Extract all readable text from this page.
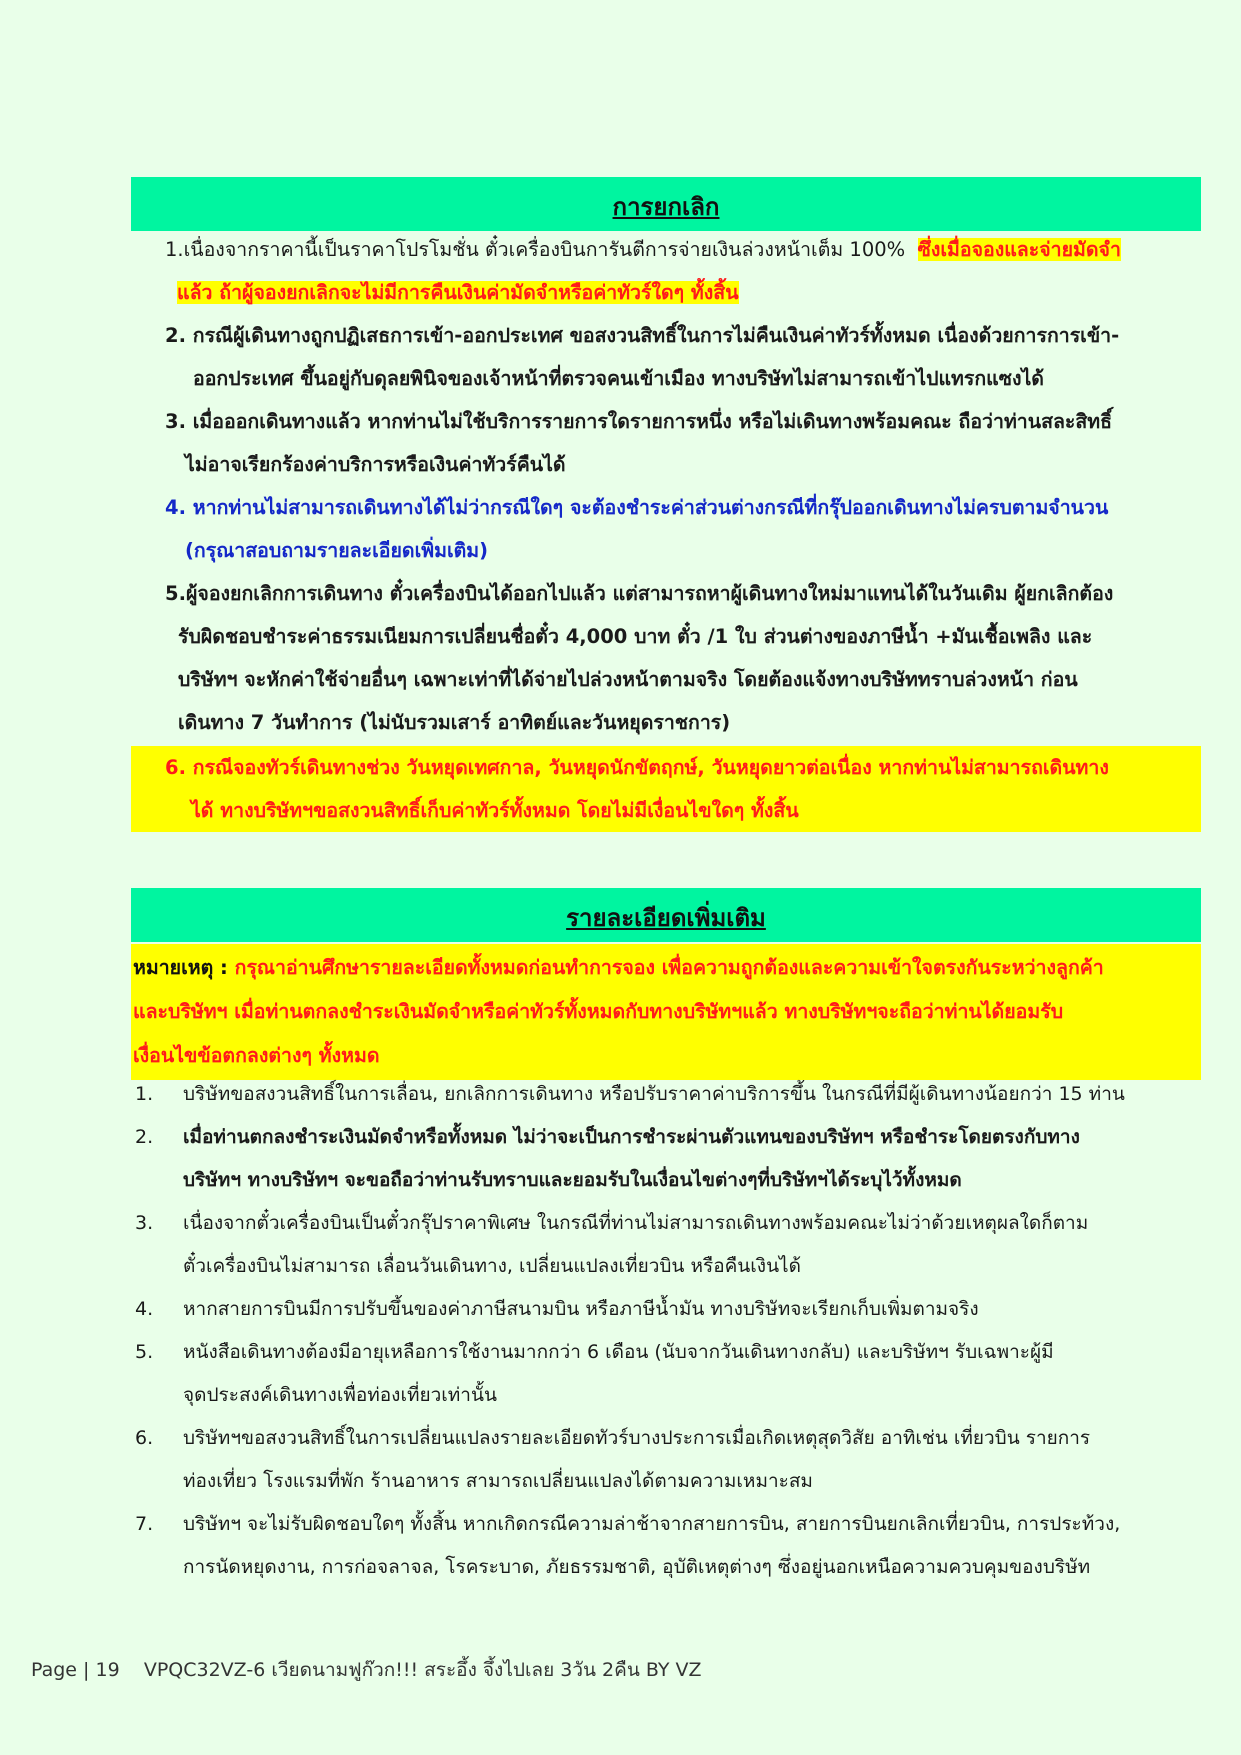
การยกเลิก
1.เนื่องจากราคานี้เป็นราคาโปรโมชั่น ตั๋วเครื่องบินการันตีการจ่ายเงินล่วงหน้าเต็ม 100% ซึ่งเมื่อจองและจ่ายมัดจำ
แล้ว ถ้าผู้จองยกเลิกจะไม่มีการคืนเงินค่ามัดจำหรือค่าทัวร์ใดๆ ทั้งสิ้น
2. กรณีผู้เดินทางถูกปฏิเสธการเข้า-ออกประเทศ ขอสงวนสิทธิ์ในการไม่คืนเงินค่าทัวร์ทั้งหมด เนื่องด้วยการการเข้า-
ออกประเทศ ขึ้นอยู่กับดุลยพินิจของเจ้าหน้าที่ตรวจคนเข้าเมือง ทางบริษัทไม่สามารถเข้าไปแทรกแซงได้
3. เมื่อออกเดินทางแล้ว หากท่านไม่ใช้บริการรายการใดรายการหนึ่ง หรือไม่เดินทางพร้อมคณะ ถือว่าท่านสละสิทธิ์
ไม่อาจเรียกร้องค่าบริการหรือเงินค่าทัวร์คืนได้
4. หากท่านไม่สามารถเดินทางได้ไม่ว่ากรณีใดๆ จะต้องชำระค่าส่วนต่างกรณีที่กรุ๊ปออกเดินทางไม่ครบตามจำนวน
(กรุณาสอบถามรายละเอียดเพิ่มเติม)
5.ผู้จองยกเลิกการเดินทาง ตั๋วเครื่องบินได้ออกไปแล้ว แต่สามารถหาผู้เดินทางใหม่มาแทนได้ในวันเดิม ผู้ยกเลิกต้อง
รับผิดชอบชำระค่าธรรมเนียมการเปลี่ยนชื่อตั๋ว 4,000 บาท ตั๋ว /1 ใบ ส่วนต่างของภาษีน้ำ +มันเชื้อเพลิง และ
บริษัทฯ จะหักค่าใช้จ่ายอื่นๆ เฉพาะเท่าที่ได้จ่ายไปล่วงหน้าตามจริง โดยต้องแจ้งทางบริษัททราบล่วงหน้า ก่อน
เดินทาง 7 วันทำการ (ไม่นับรวมเสาร์ อาทิตย์และวันหยุดราชการ)
6. กรณีจองทัวร์เดินทางช่วง วันหยุดเทศกาล, วันหยุดนักขัตฤกษ์, วันหยุดยาวต่อเนื่อง หากท่านไม่สามารถเดินทาง
ได้ ทางบริษัทฯขอสงวนสิทธิ์เก็บค่าทัวร์ทั้งหมด โดยไม่มีเงื่อนไขใดๆ ทั้งสิ้น
รายละเอียดเพิ่มเติม
หมายเหตุ : กรุณาอ่านศึกษารายละเอียดทั้งหมดก่อนทำการจอง เพื่อความถูกต้องและความเข้าใจตรงกันระหว่างลูกค้า
และบริษัทฯ เมื่อท่านตกลงชำระเงินมัดจำหรือค่าทัวร์ทั้งหมดกับทางบริษัทฯแล้ว ทางบริษัทฯจะถือว่าท่านได้ยอมรับ
เงื่อนไขข้อตกลงต่างๆ ทั้งหมด
1.	บริษัทขอสงวนสิทธิ์ในการเลื่อน, ยกเลิกการเดินทาง หรือปรับราคาค่าบริการขึ้น ในกรณีที่มีผู้เดินทางน้อยกว่า 15 ท่าน
2.	เมื่อท่านตกลงชำระเงินมัดจำหรือทั้งหมด ไม่ว่าจะเป็นการชำระผ่านตัวแทนของบริษัทฯ หรือชำระโดยตรงกับทาง
บริษัทฯ ทางบริษัทฯ จะขอถือว่าท่านรับทราบและยอมรับในเงื่อนไขต่างๆที่บริษัทฯได้ระบุไว้ทั้งหมด
3.	เนื่องจากตั๋วเครื่องบินเป็นตั๋วกรุ๊ปราคาพิเศษ ในกรณีที่ท่านไม่สามารถเดินทางพร้อมคณะไม่ว่าด้วยเหตุผลใดก็ตาม
ตั๋วเครื่องบินไม่สามารถ เลื่อนวันเดินทาง, เปลี่ยนแปลงเที่ยวบิน หรือคืนเงินได้
4.	หากสายการบินมีการปรับขึ้นของค่าภาษีสนามบิน หรือภาษีน้ำมัน ทางบริษัทจะเรียกเก็บเพิ่มตามจริง
5.	หนังสือเดินทางต้องมีอายุเหลือการใช้งานมากกว่า 6 เดือน (นับจากวันเดินทางกลับ) และบริษัทฯ รับเฉพาะผู้มี
จุดประสงค์เดินทางเพื่อท่องเที่ยวเท่านั้น
6.	บริษัทฯขอสงวนสิทธิ์ในการเปลี่ยนแปลงรายละเอียดทัวร์บางประการเมื่อเกิดเหตุสุดวิสัย อาทิเช่น เที่ยวบิน รายการ
ท่องเที่ยว โรงแรมที่พัก ร้านอาหาร สามารถเปลี่ยนแปลงได้ตามความเหมาะสม
7.	บริษัทฯ จะไม่รับผิดชอบใดๆ ทั้งสิ้น หากเกิดกรณีความล่าช้าจากสายการบิน, สายการบินยกเลิกเที่ยวบิน, การประท้วง,
การนัดหยุดงาน, การก่อจลาจล, โรคระบาด, ภัยธรรมชาติ, อุบัติเหตุต่างๆ ซึ่งอยู่นอกเหนือความควบคุมของบริษัท
Page | 19 VPQC32VZ-6 เวียดนามฟูก๊วก!!! สระอึ้ง จึ้งไปเลย 3วัน 2คืน BY VZ
